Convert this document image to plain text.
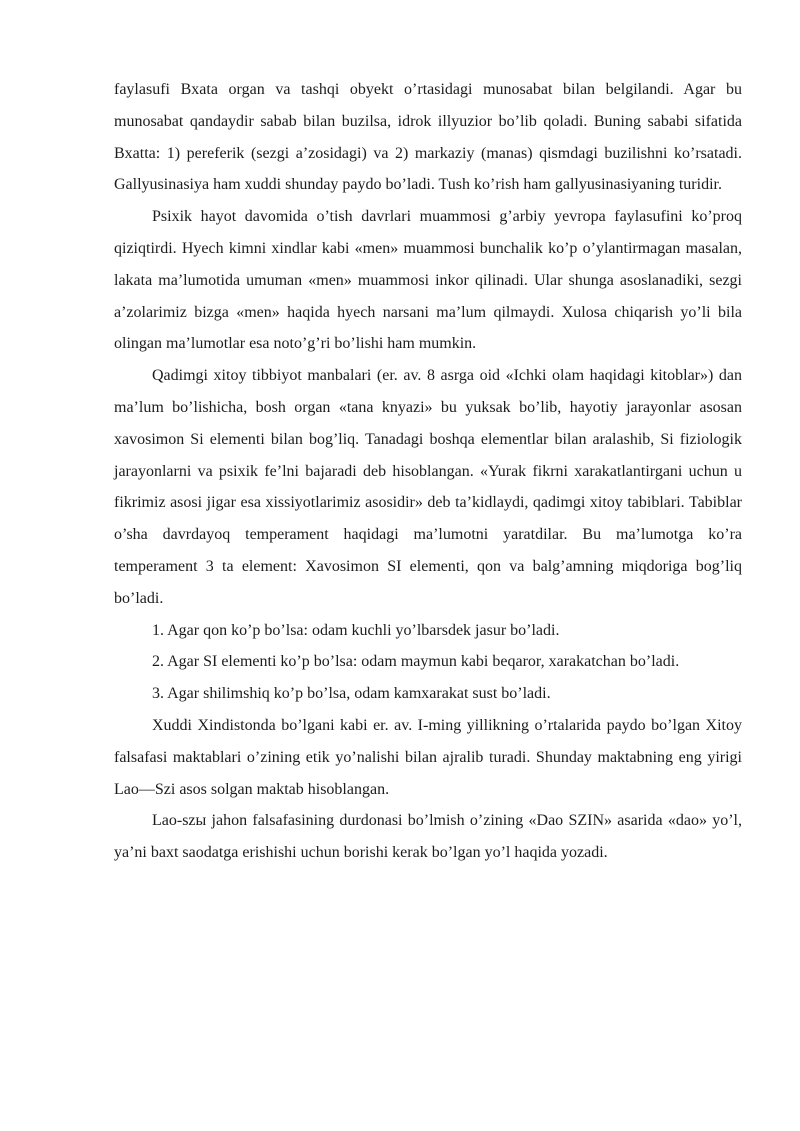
faylasufi Bxata organ va tashqi obyekt o’rtasidagi munosabat bilan belgilandi. Agar bu munosabat qandaydir sabab bilan buzilsa, idrok illyuzior bo’lib qoladi. Buning sababi sifatida Bxatta: 1) pereferik (sezgi a’zosidagi) va 2) markaziy (manas) qismdagi buzilishni ko’rsatadi. Gallyusinasiya ham xuddi shunday paydo bo’ladi. Tush ko’rish ham gallyusinasiyaning turidir.

Psixik hayot davomida o’tish davrlari muammosi g’arbiy yevropa faylasufini ko’proq qiziqtirdi. Hyech kimni xindlar kabi «men» muammosi bunchalik ko’p o’ylantirmagan masalan, lakata ma’lumotida umuman «men» muammosi inkor qilinadi. Ular shunga asoslanadiki, sezgi a’zolarimiz bizga «men» haqida hyech narsani ma’lum qilmaydi. Xulosa chiqarish yo’li bila olingan ma’lumotlar esa noto’g’ri bo’lishi ham mumkin.

Qadimgi xitoy tibbiyot manbalari (er. av. 8 asrga oid «Ichki olam haqidagi kitoblar») dan ma’lum bo’lishicha, bosh organ «tana knyazi» bu yuksak bo’lib, hayotiy jarayonlar asosan xavosimon Si elementi bilan bog’liq. Tanadagi boshqa elementlar bilan aralashib, Si fiziologik jarayonlarni va psixik fe’lni bajaradi deb hisoblangan. «Yurak fikrni xarakatlantirgani uchun u fikrimiz asosi jigar esa xissiyotlarimiz asosidir» deb ta’kidlaydi, qadimgi xitoy tabiblari. Tabiblar o’sha davrdayoq temperament haqidagi ma’lumotni yaratdilar. Bu ma’lumotga ko’ra temperament 3 ta element: Xavosimon SI elementi, qon va balg’amning miqdoriga bog’liq bo’ladi.

1. Agar qon ko’p bo’lsa: odam kuchli yo’lbarsdek jasur bo’ladi.

2. Agar SI elementi ko’p bo’lsa: odam maymun kabi beqaror, xarakatchan bo’ladi.

3. Agar shilimshiq ko’p bo’lsa, odam kamxarakat sust bo’ladi.

Xuddi Xindistonda bo’lgani kabi er. av. I-ming yillikning o’rtalarida paydo bo’lgan Xitoy falsafasi maktablari o’zining etik yo’nalishi bilan ajralib turadi. Shunday maktabning eng yirigi Lao—Szi asos solgan maktab hisoblangan.

Lao-szы jahon falsafasining durdonasi bo’lmish o’zining «Dao SZIN» asarida «dao» yo’l, ya’ni baxt saodatga erishishi uchun borishi kerak bo’lgan yo’l haqida yozadi.
